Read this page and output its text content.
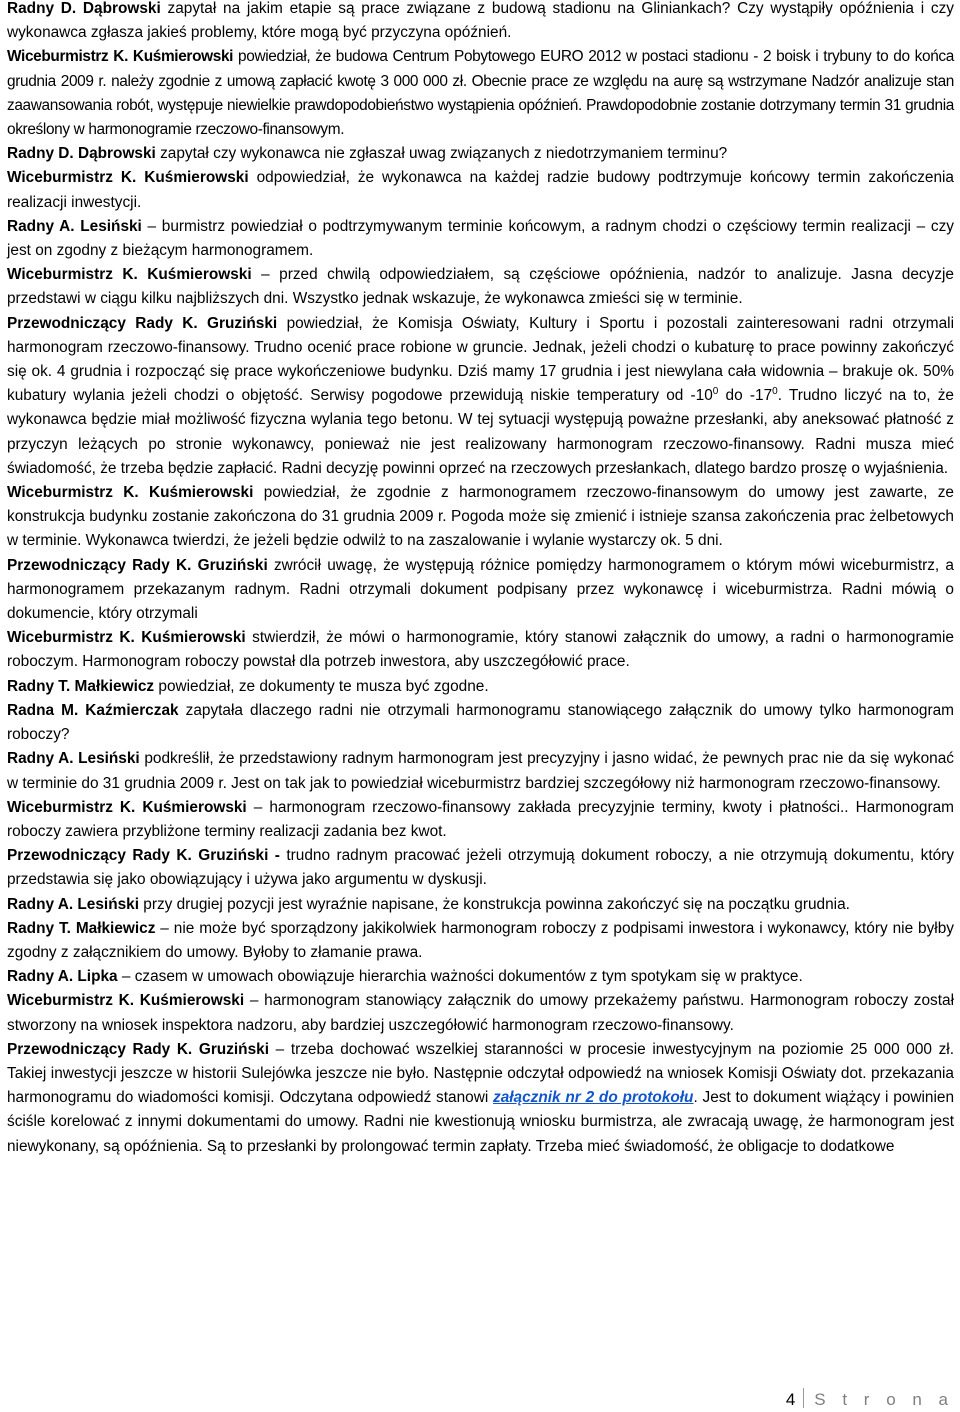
Radny D. Dąbrowski zapytał na jakim etapie są prace związane z budową stadionu na Gliniankach? Czy wystąpiły opóźnienia i czy wykonawca zgłasza jakieś problemy, które mogą być przyczyna opóźnień.

Wiceburmistrz K. Kuśmierowski powiedział, że budowa Centrum Pobytowego EURO 2012 w postaci stadionu - 2 boisk i trybuny to do końca grudnia 2009 r. należy zgodnie z umową zapłacić kwotę 3 000 000 zł. Obecnie prace ze względu na aurę są wstrzymane Nadzór analizuje stan zaawansowania robót, występuje niewielkie prawdopodobieństwo wystąpienia opóźnień. Prawdopodobnie zostanie dotrzymany termin 31 grudnia określony w harmonogramie rzeczowo-finansowym.

Radny D. Dąbrowski zapytał czy wykonawca nie zgłaszał uwag związanych z niedotrzymaniem terminu?

Wiceburmistrz K. Kuśmierowski odpowiedział, że wykonawca na każdej radzie budowy podtrzymuje końcowy termin zakończenia realizacji inwestycji.

Radny A. Lesiński – burmistrz powiedział o podtrzymywanym terminie końcowym, a radnym chodzi o częściowy termin realizacji – czy jest on zgodny z bieżącym harmonogramem.

Wiceburmistrz K. Kuśmierowski – przed chwilą odpowiedziałem, są częściowe opóźnienia, nadzór to analizuje. Jasna decyzje przedstawi w ciągu kilku najbliższych dni. Wszystko jednak wskazuje, że wykonawca zmieści się w terminie.

Przewodniczący Rady K. Gruziński powiedział, że Komisja Oświaty, Kultury i Sportu i pozostali zainteresowani radni otrzymali harmonogram rzeczowo-finansowy. Trudno ocenić prace robione w gruncie. Jednak, jeżeli chodzi o kubaturę to prace powinny zakończyć się ok. 4 grudnia i rozpocząć się prace wykończeniowe budynku. Dziś mamy 17 grudnia i jest niewylana cała widownia – brakuje ok. 50% kubatury wylania jeżeli chodzi o objętość. Serwisy pogodowe przewidują niskie temperatury od $-10^0$ do $-17^0$. Trudno liczyć na to, że wykonawca będzie miał możliwość fizyczna wylania tego betonu. W tej sytuacji występują poważne przesłanki, aby aneksować płatność z przyczyn leżących po stronie wykonawcy, ponieważ nie jest realizowany harmonogram rzeczowo-finansowy. Radni musza mieć świadomość, że trzeba będzie zapłacić. Radni decyzję powinni oprzeć na rzeczowych przesłankach, dlatego bardzo proszę o wyjaśnienia.

Wiceburmistrz K. Kuśmierowski powiedział, że zgodnie z harmonogramem rzeczowo-finansowym do umowy jest zawarte, ze konstrukcja budynku zostanie zakończona do 31 grudnia 2009 r. Pogoda może się zmienić i istnieje szansa zakończenia prac żelbetowych w terminie. Wykonawca twierdzi, że jeżeli będzie odwilż to na zaszalowanie i wylanie wystarczy ok. 5 dni.

Przewodniczący Rady K. Gruziński zwrócił uwagę, że występują różnice pomiędzy harmonogramem o którym mówi wiceburmistrz, a harmonogramem przekazanym radnym. Radni otrzymali dokument podpisany przez wykonawcę i wiceburmistrza. Radni mówią o dokumencie, który otrzymali

Wiceburmistrz K. Kuśmierowski stwierdził, że mówi o harmonogramie, który stanowi załącznik do umowy, a radni o harmonogramie roboczym. Harmonogram roboczy powstał dla potrzeb inwestora, aby uszczegółowić prace.

Radny T. Małkiewicz powiedział, ze dokumenty te musza być zgodne.

Radna M. Kaźmierczak zapytała dlaczego radni nie otrzymali harmonogramu stanowiącego załącznik do umowy tylko harmonogram roboczy?

Radny A. Lesiński podkreślił, że przedstawiony radnym harmonogram jest precyzyjny i jasno widać, że pewnych prac nie da się wykonać w terminie do 31 grudnia 2009 r. Jest on tak jak to powiedział wiceburmistrz bardziej szczegółowy niż harmonogram rzeczowo-finansowy.

Wiceburmistrz K. Kuśmierowski – harmonogram rzeczowo-finansowy zakłada precyzyjnie terminy, kwoty i płatności.. Harmonogram roboczy zawiera przybliżone terminy realizacji zadania bez kwot.

Przewodniczący Rady K. Gruziński - trudno radnym pracować jeżeli otrzymują dokument roboczy, a nie otrzymują dokumentu, który przedstawia się jako obowiązujący i używa jako argumentu w dyskusji.

Radny A. Lesiński przy drugiej pozycji jest wyraźnie napisane, że konstrukcja powinna zakończyć się na początku grudnia.

Radny T. Małkiewicz – nie może być sporządzony jakikolwiek harmonogram roboczy z podpisami inwestora i wykonawcy, który nie byłby zgodny z załącznikiem do umowy. Byłoby to złamanie prawa.

Radny A. Lipka – czasem w umowach obowiązuje hierarchia ważności dokumentów z tym spotykam się w praktyce.

Wiceburmistrz K. Kuśmierowski – harmonogram stanowiący załącznik do umowy przekażemy państwu. Harmonogram roboczy został stworzony na wniosek inspektora nadzoru, aby bardziej uszczegółowić harmonogram rzeczowo-finansowy.

Przewodniczący Rady K. Gruziński – trzeba dochować wszelkiej staranności w procesie inwestycyjnym na poziomie 25 000 000 zł. Takiej inwestycji jeszcze w historii Sulejówka jeszcze nie było. Następnie odczytał odpowiedź na wniosek Komisji Oświaty dot. przekazania harmonogramu do wiadomości komisji. Odczytana odpowiedź stanowi załącznik nr 2 do protokołu. Jest to dokument wiążący i powinien ściśle korelować z innymi dokumentami do umowy. Radni nie kwestionują wniosku burmistrza, ale zwracają uwagę, że harmonogram jest niewykonany, są opóźnienia. Są to przesłanki by prolongować termin zapłaty. Trzeba mieć świadomość, że obligacje to dodatkowe

4 S t r o n a
